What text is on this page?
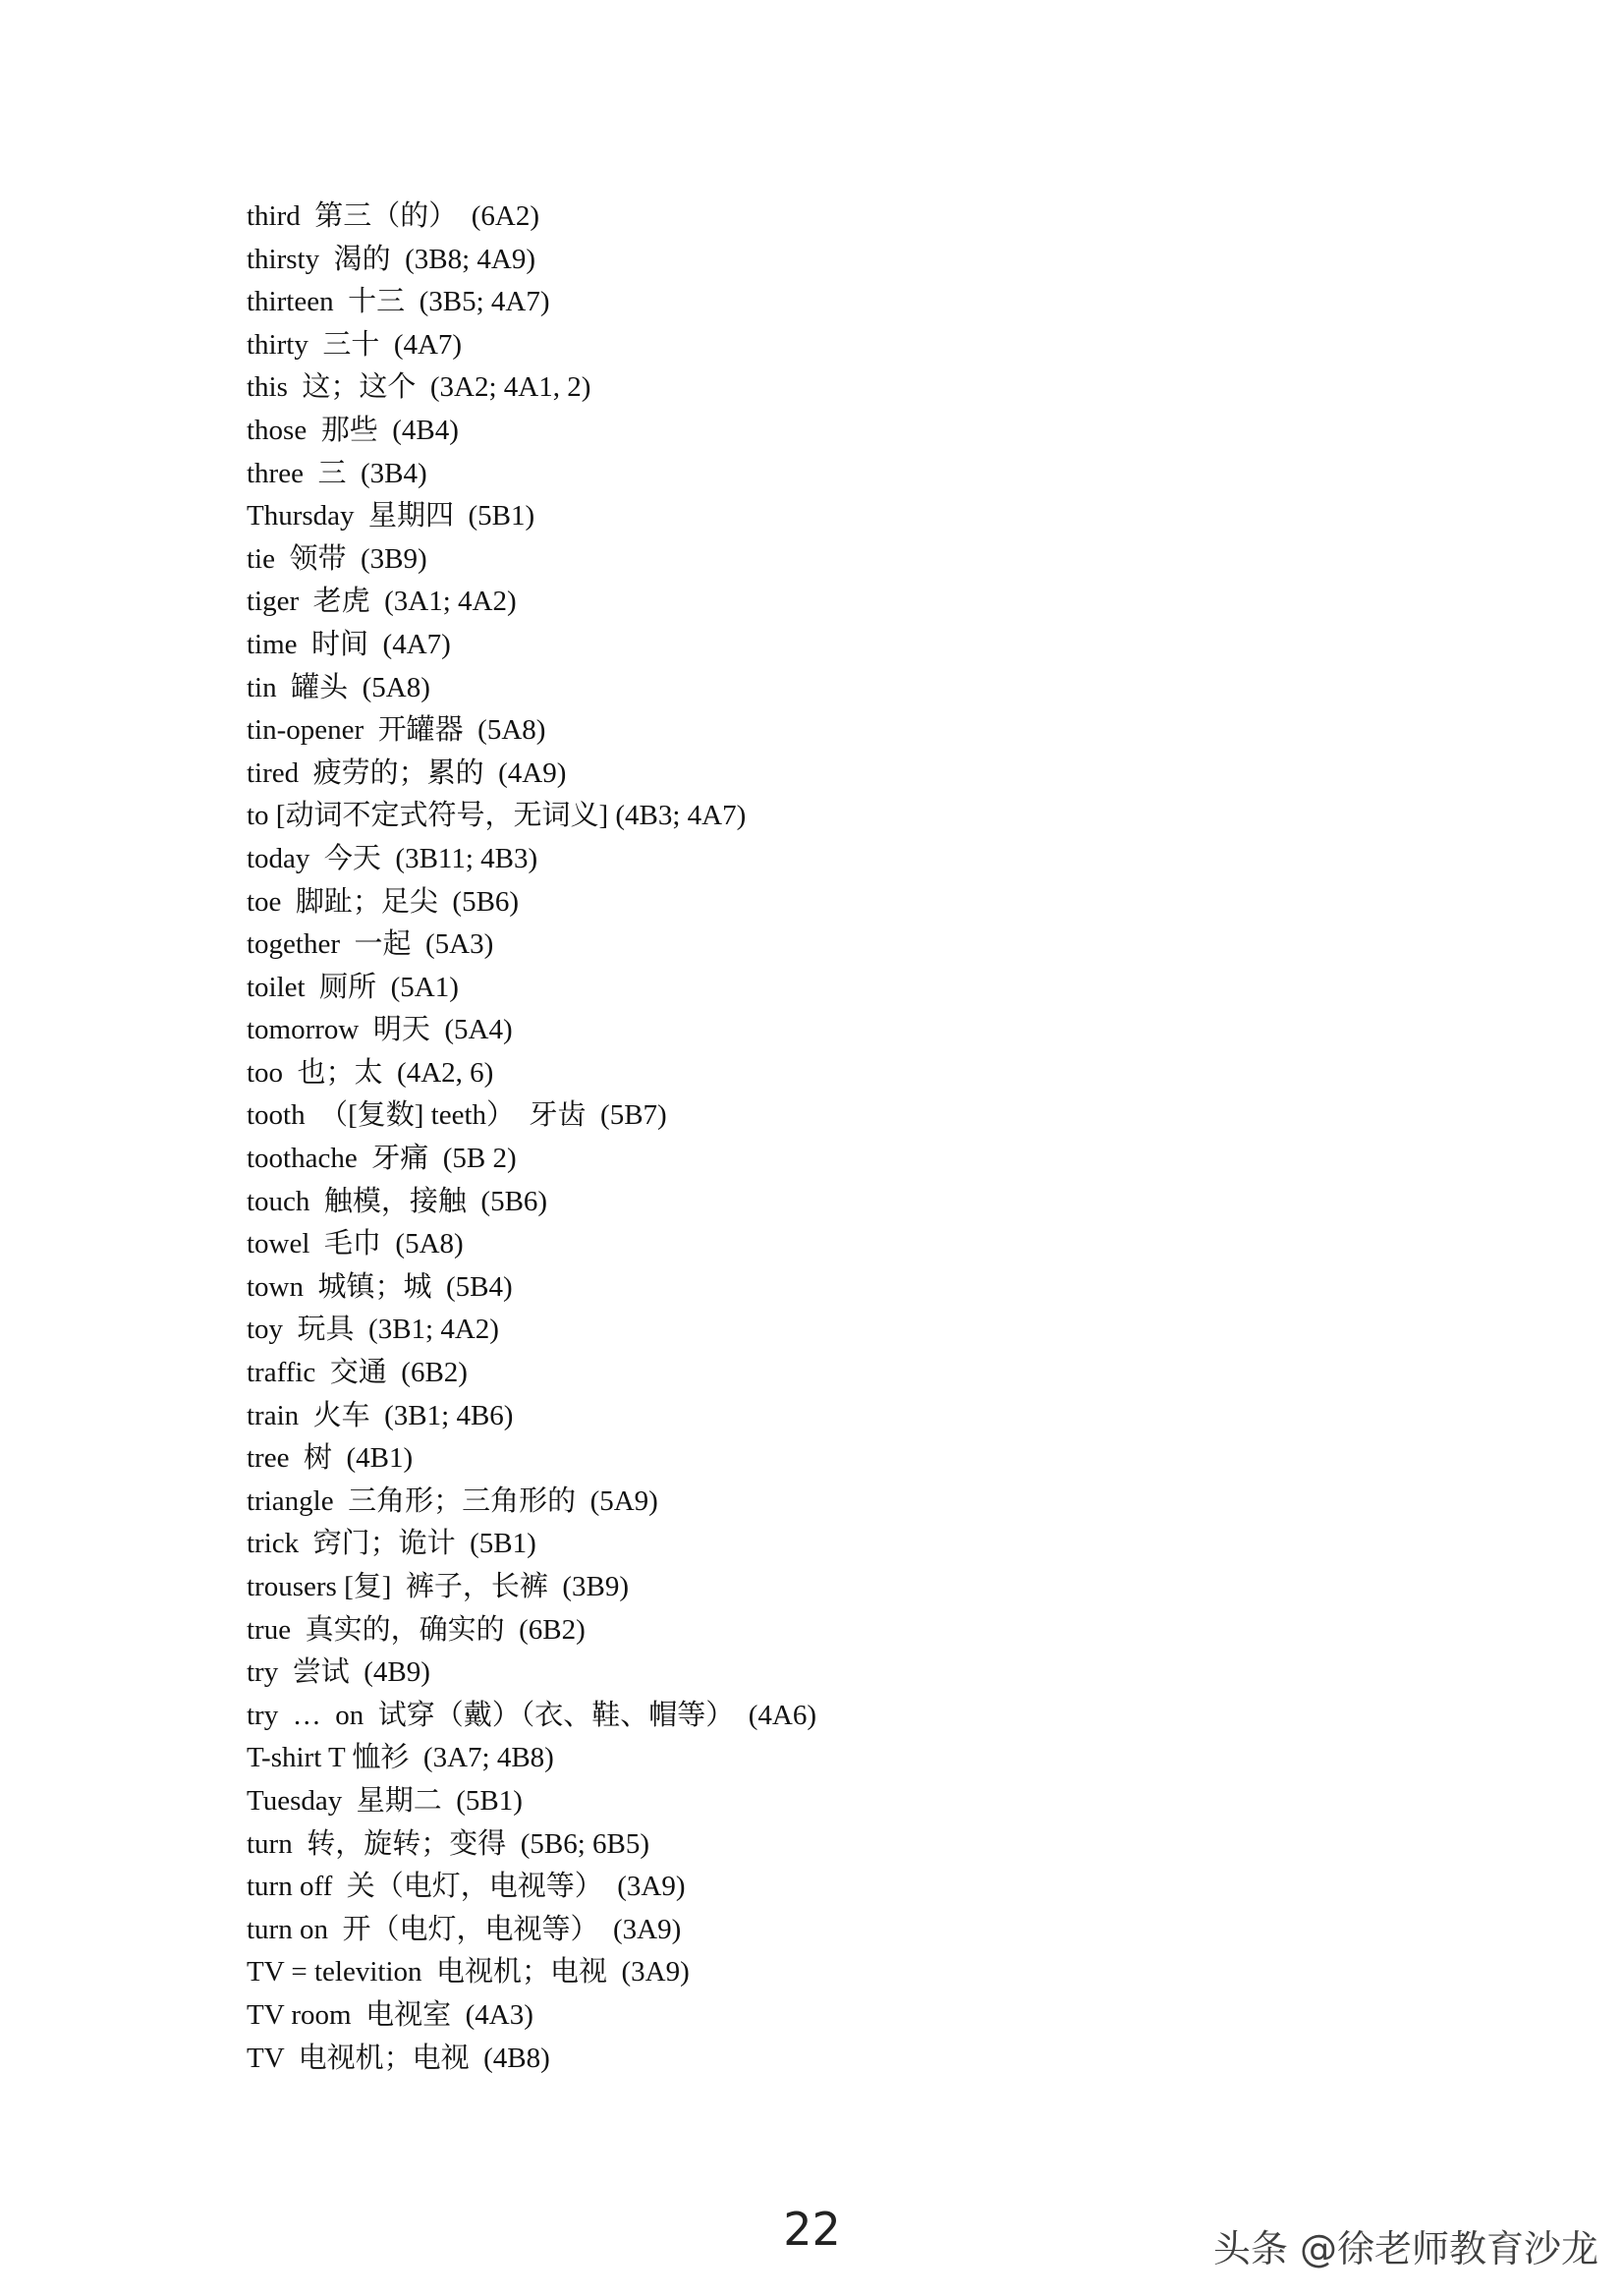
third  第三（的）  (6A2)
thirsty  渴的  (3B8; 4A9)
thirteen  十三  (3B5; 4A7)
thirty  三十  (4A7)
this  这；这个  (3A2; 4A1, 2)
those  那些  (4B4)
three  三  (3B4)
Thursday  星期四  (5B1)
tie  领带  (3B9)
tiger  老虎  (3A1; 4A2)
time  时间  (4A7)
tin  罐头  (5A8)
tin-opener  开罐器  (5A8)
tired  疲劳的；累的  (4A9)
to [动词不定式符号，无词义] (4B3; 4A7)
today  今天  (3B11; 4B3)
toe  脚趾；足尖  (5B6)
together  一起  (5A3)
toilet  厕所  (5A1)
tomorrow  明天  (5A4)
too  也；太  (4A2, 6)
tooth  （[复数] teeth）  牙齿  (5B7)
toothache  牙痛  (5B 2)
touch  触模，接触  (5B6)
towel  毛巾  (5A8)
town  城镇；城  (5B4)
toy  玩具  (3B1; 4A2)
traffic  交通  (6B2)
train  火车  (3B1; 4B6)
tree  树  (4B1)
triangle  三角形；三角形的  (5A9)
trick  窍门；诡计  (5B1)
trousers [复]  裤子，长裤  (3B9)
true  真实的，确实的  (6B2)
try  尝试  (4B9)
try  …  on  试穿（戴）（衣、鞋、帽等）  (4A6)
T-shirt T 恤衫  (3A7; 4B8)
Tuesday  星期二  (5B1)
turn  转，旋转；变得  (5B6; 6B5)
turn off  关（电灯，电视等）  (3A9)
turn on  开（电灯，电视等）  (3A9)
TV = televition  电视机；电视  (3A9)
TV room  电视室  (4A3)
TV  电视机；电视  (4B8)
22	头条 @徐老师教育沙龙
